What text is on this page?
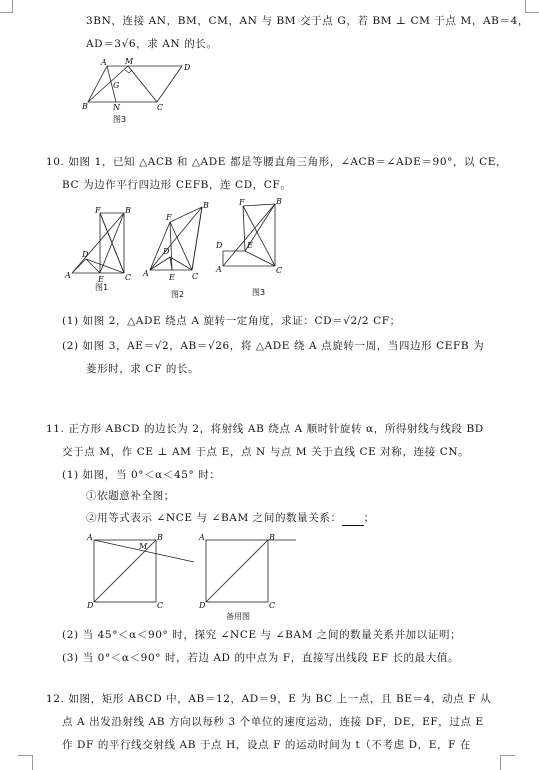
3BN，连接 AN，BM，CM，AN 与 BM 交于点 G，若 BM ⊥ CM 于点 M，AB＝4，
AD＝3√6，求 AN 的长。
A M
D
G
B	N	C
图3
10. 如图 1，已知 △ACB 和 △ADE 都是等腰直角三角形，∠ACB＝∠ADE＝90°，以 CE，
BC 为边作平行四边形 CEFB，连 CD，CF。
F	B
D
A	E	C
图1
F
B
D
A	E C
图2
F	B
D	E
A	C
图3
(1) 如图 2，△ADE 绕点 A 旋转一定角度，求证：CD＝√2/2 CF；
(2) 如图 3，AE＝√2，AB＝√26，将 △ADE 绕 A 点旋转一周，当四边形 CEFB 为
菱形时，求 CF 的长。
11. 正方形 ABCD 的边长为 2，将射线 AB 绕点 A 顺时针旋转 α，所得射线与线段 BD
交于点 M，作 CE ⊥ AM 于点 E，点 N 与点 M 关于直线 CE 对称，连接 CN。
(1) 如图，当 0°＜α＜45° 时：
①依题意补全图；
②用等式表示 ∠NCE 与 ∠BAM 之间的数量关系： ；
A
M
B
D	C
A	B
D	C
备用图
(2) 当 45°＜α＜90° 时，探究 ∠NCE 与 ∠BAM 之间的数量关系并加以证明；
(3) 当 0°＜α＜90° 时，若边 AD 的中点为 F，直接写出线段 EF 长的最大值。
12. 如图，矩形 ABCD 中，AB＝12，AD＝9，E 为 BC 上一点，且 BE＝4，动点 F 从
点 A 出发沿射线 AB 方向以每秒 3 个单位的速度运动，连接 DF，DE，EF，过点 E
作 DF 的平行线交射线 AB 于点 H，设点 F 的运动时间为 t（不考虑 D，E，F 在
